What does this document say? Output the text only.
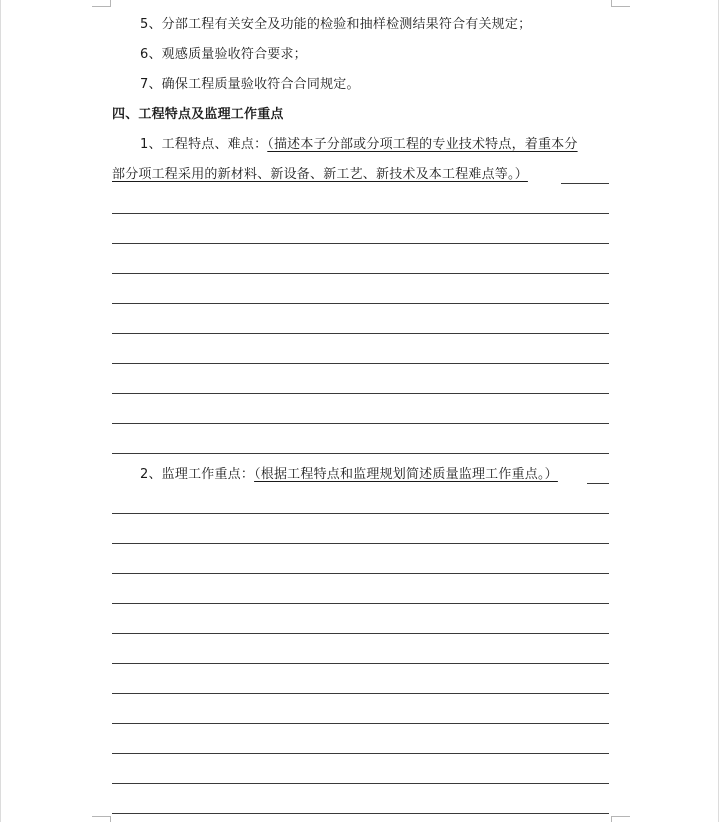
5、分部工程有关安全及功能的检验和抽样检测结果符合有关规定；
6、观感质量验收符合要求；
7、确保工程质量验收符合合同规定。
四、工程特点及监理工作重点
1、工程特点、难点：（描述本子分部或分项工程的专业技术特点，着重本分
部分项工程采用的新材料、新设备、新工艺、新技术及本工程难点等。）
2、监理工作重点：（根据工程特点和监理规划简述质量监理工作重点。）
